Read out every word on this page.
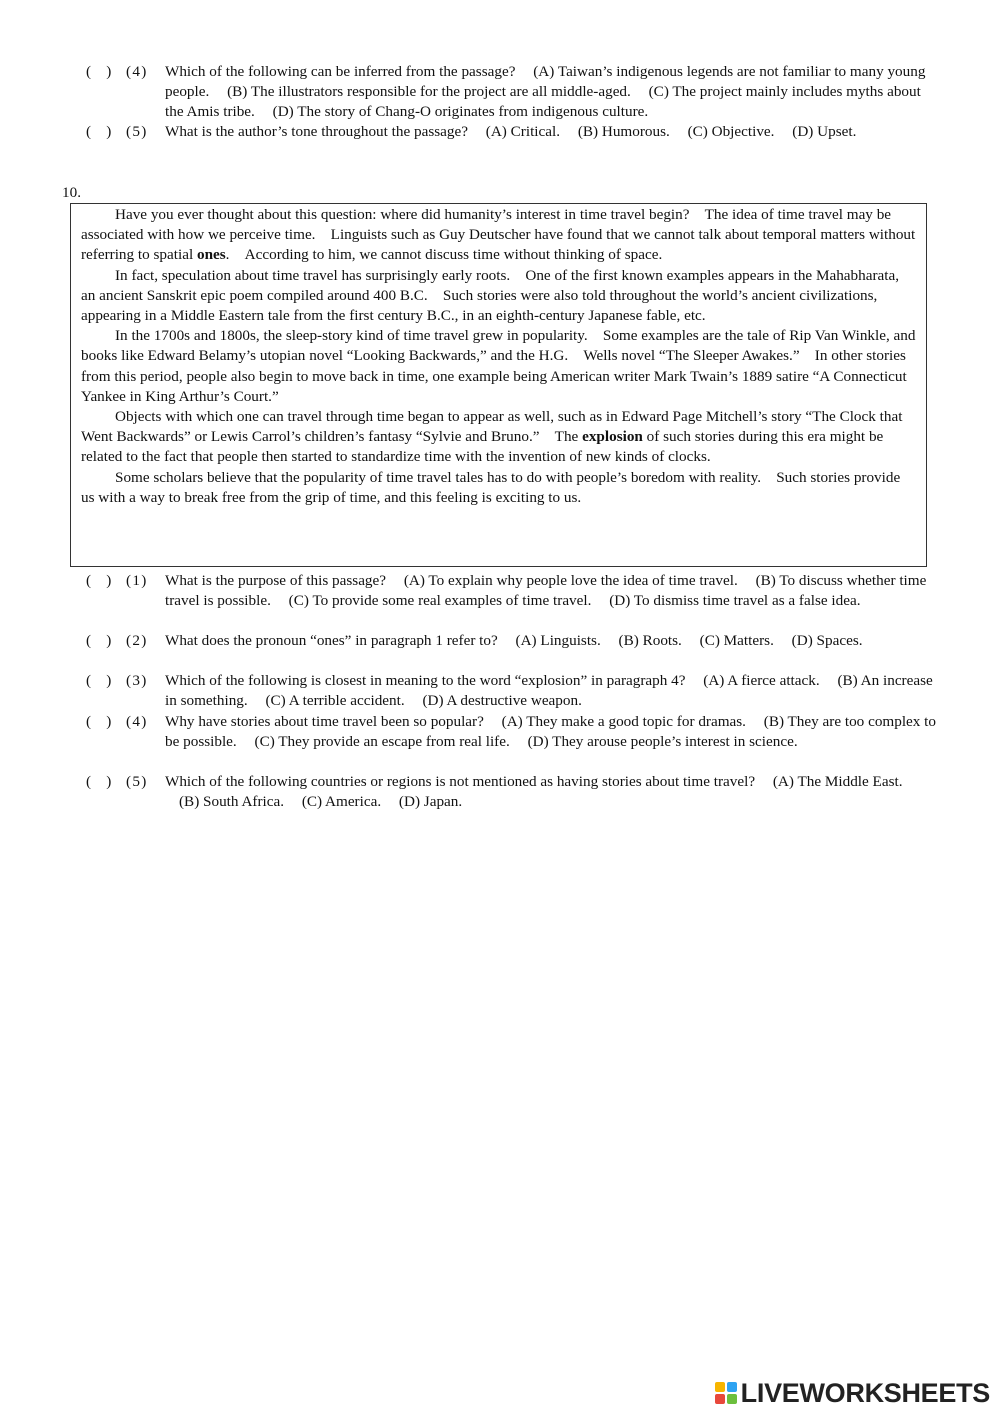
(    ) ( 4 ) Which of the following can be inferred from the passage? (A) Taiwan’s indigenous legends are not familiar to many young people. (B) The illustrators responsible for the project are all middle-aged. (C) The project mainly includes myths about the Amis tribe. (D) The story of Chang-O originates from indigenous culture.
(    ) ( 5 ) What is the author’s tone throughout the passage? (A) Critical. (B) Humorous. (C) Objective. (D) Upset.
10.

Have you ever thought about this question: where did humanity’s interest in time travel begin? The idea of time travel may be associated with how we perceive time. Linguists such as Guy Deutscher have found that we cannot talk about temporal matters without referring to spatial ones. According to him, we cannot discuss time without thinking of space.

In fact, speculation about time travel has surprisingly early roots. One of the first known examples appears in the Mahabharata, an ancient Sanskrit epic poem compiled around 400 B.C. Such stories were also told throughout the world’s ancient civilizations, appearing in a Middle Eastern tale from the first century B.C., in an eighth-century Japanese fable, etc.

In the 1700s and 1800s, the sleep-story kind of time travel grew in popularity. Some examples are the tale of Rip Van Winkle, and books like Edward Belamy’s utopian novel “Looking Backwards,” and the H.G. Wells novel “The Sleeper Awakes.” In other stories from this period, people also begin to move back in time, one example being American writer Mark Twain’s 1889 satire “A Connecticut Yankee in King Arthur’s Court.”

Objects with which one can travel through time began to appear as well, such as in Edward Page Mitchell’s story “The Clock that Went Backwards” or Lewis Carrol’s children’s fantasy “Sylvie and Bruno.” The explosion of such stories during this era might be related to the fact that people then started to standardize time with the invention of new kinds of clocks.

Some scholars believe that the popularity of time travel tales has to do with people’s boredom with reality. Such stories provide us with a way to break free from the grip of time, and this feeling is exciting to us.

(    ) ( 1 ) What is the purpose of this passage? (A) To explain why people love the idea of time travel. (B) To discuss whether time travel is possible. (C) To provide some real examples of time travel. (D) To dismiss time travel as a false idea.
(    ) ( 2 ) What does the pronoun “ones” in paragraph 1 refer to? (A) Linguists. (B) Roots. (C) Matters. (D) Spaces.
(    ) ( 3 ) Which of the following is closest in meaning to the word “explosion” in paragraph 4? (A) A fierce attack. (B) An increase in something. (C) A terrible accident. (D) A destructive weapon.
(    ) ( 4 ) Why have stories about time travel been so popular? (A) They make a good topic for dramas. (B) They are too complex to be possible. (C) They provide an escape from real life. (D) They arouse people’s interest in science.
(    ) ( 5 ) Which of the following countries or regions is not mentioned as having stories about time travel? (A) The Middle East. (B) South Africa. (C) America. (D) Japan.
LIVEWORKSHEETS
